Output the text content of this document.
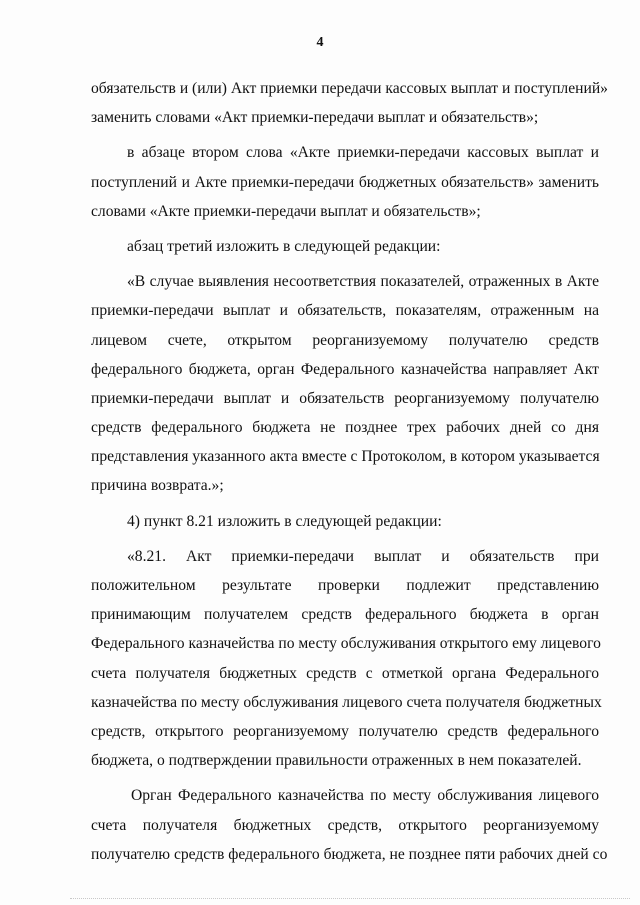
4
обязательств и (или) Акт приемки передачи кассовых выплат и поступлений»
заменить словами «Акт приемки-передачи выплат и обязательств»;
в абзаце втором слова «Акте приемки-передачи кассовых выплат и
поступлений и Акте приемки-передачи бюджетных обязательств» заменить
словами «Акте приемки-передачи выплат и обязательств»;
абзац третий изложить в следующей редакции:
«В случае выявления несоответствия показателей, отраженных в Акте
приемки-передачи выплат и обязательств, показателям, отраженным на
лицевом счете, открытом реорганизуемому получателю средств
федерального бюджета, орган Федерального казначейства направляет Акт
приемки-передачи выплат и обязательств реорганизуемому получателю
средств федерального бюджета не позднее трех рабочих дней со дня
представления указанного акта вместе с Протоколом, в котором указывается
причина возврата.»;
4) пункт 8.21 изложить в следующей редакции:
«8.21. Акт приемки-передачи выплат и обязательств при
положительном результате проверки подлежит представлению
принимающим получателем средств федерального бюджета в орган
Федерального казначейства по месту обслуживания открытого ему лицевого
счета получателя бюджетных средств с отметкой органа Федерального
казначейства по месту обслуживания лицевого счета получателя бюджетных
средств, открытого реорганизуемому получателю средств федерального
бюджета, о подтверждении правильности отраженных в нем показателей.
Орган Федерального казначейства по месту обслуживания лицевого
счета получателя бюджетных средств, открытого реорганизуемому
получателю средств федерального бюджета, не позднее пяти рабочих дней со
